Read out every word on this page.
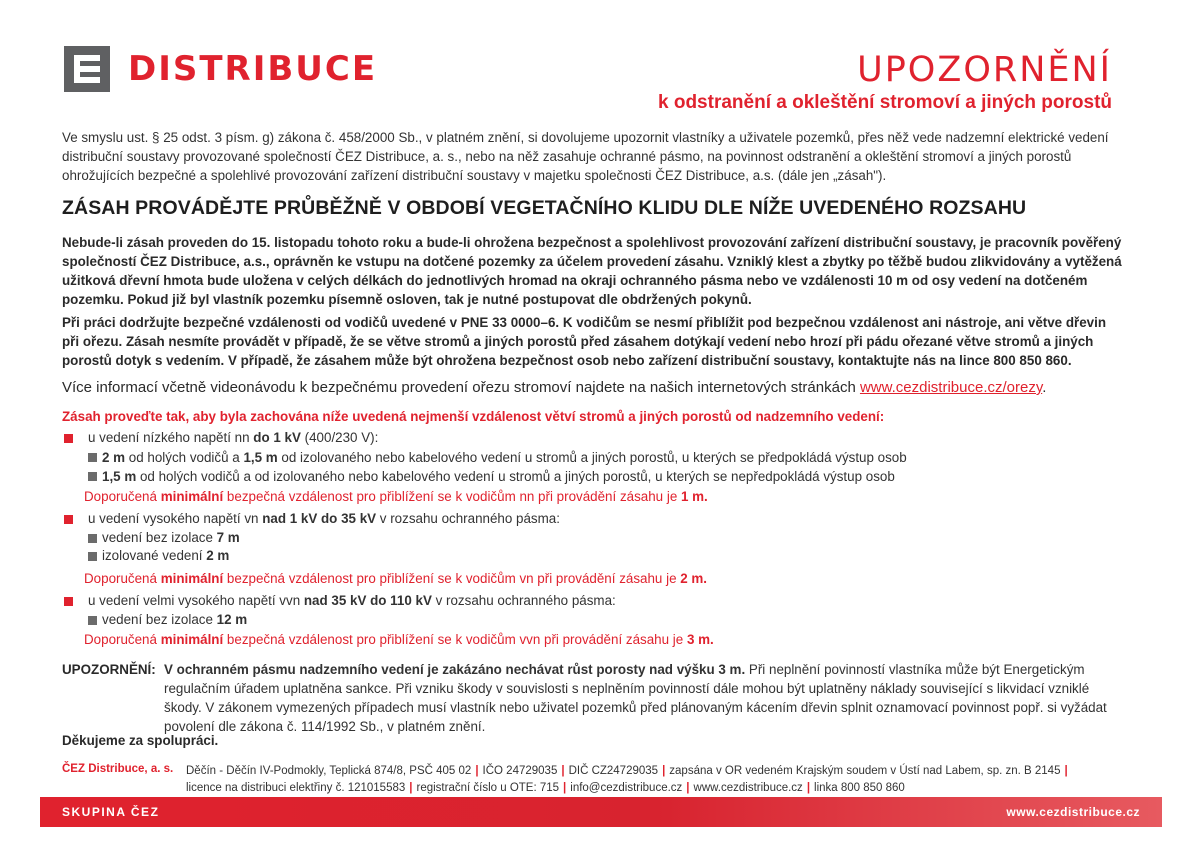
DISTRIBUCE	UPOZORNĚNÍ
k odstranění a okleštění stromoví a jiných porostů
Ve smyslu ust. § 25 odst. 3 písm. g) zákona č. 458/2000 Sb., v platném znění, si dovolujeme upozornit vlastníky a uživatele pozemků, přes něž vede nadzemní elektrické vedení distribuční soustavy provozované společností ČEZ Distribuce, a. s., nebo na něž zasahuje ochranné pásmo, na povinnost odstranění a okleštění stromoví a jiných porostů ohrožujících bezpečné a spolehlivé provozování zařízení distribuční soustavy v majetku společnosti ČEZ Distribuce, a.s. (dále jen „zásah").
ZÁSAH PROVÁDĚJTE PRŮBĚŽNĚ V OBDOBÍ VEGETAČNÍHO KLIDU DLE NÍŽE UVEDENÉHO ROZSAHU
Nebude-li zásah proveden do 15. listopadu tohoto roku a bude-li ohrožena bezpečnost a spolehlivost provozování zařízení distribuční soustavy, je pracovník pověřený společností ČEZ Distribuce, a.s., oprávněn ke vstupu na dotčené pozemky za účelem provedení zásahu. Vzniklý klest a zbytky po těžbě budou zlikvidovány a vytěžená užitková dřevní hmota bude uložena v celých délkách do jednotlivých hromad na okraji ochranného pásma nebo ve vzdálenosti 10 m od osy vedení na dotčeném pozemku. Pokud již byl vlastník pozemku písemně osloven, tak je nutné postupovat dle obdržených pokynů.
Při práci dodržujte bezpečné vzdálenosti od vodičů uvedené v PNE 33 0000–6. K vodičům se nesmí přiblížit pod bezpečnou vzdálenost ani nástroje, ani větve dřevin při ořezu. Zásah nesmíte provádět v případě, že se větve stromů a jiných porostů před zásahem dotýkají vedení nebo hrozí při pádu ořezané větve stromů a jiných porostů dotyk s vedením. V případě, že zásahem může být ohrožena bezpečnost osob nebo zařízení distribuční soustavy, kontaktujte nás na lince 800 850 860.
Více informací včetně videonávodu k bezpečnému provedení ořezu stromoví najdete na našich internetových stránkách www.cezdistribuce.cz/orezy.
Zásah proveďte tak, aby byla zachována níže uvedená nejmenší vzdálenost větví stromů a jiných porostů od nadzemního vedení:
u vedení nízkého napětí nn do 1 kV (400/230 V):
2 m od holých vodičů a 1,5 m od izolovaného nebo kabelového vedení u stromů a jiných porostů, u kterých se předpokládá výstup osob
1,5 m od holých vodičů a od izolovaného nebo kabelového vedení u stromů a jiných porostů, u kterých se nepředpokládá výstup osob
Doporučená minimální bezpečná vzdálenost pro přiblížení se k vodičům nn při provádění zásahu je 1 m.
u vedení vysokého napětí vn nad 1 kV do 35 kV v rozsahu ochranného pásma:
vedení bez izolace 7 m
izolované vedení 2 m
Doporučená minimální bezpečná vzdálenost pro přiblížení se k vodičům vn při provádění zásahu je 2 m.
u vedení velmi vysokého napětí vvn nad 35 kV do 110 kV v rozsahu ochranného pásma:
vedení bez izolace 12 m
Doporučená minimální bezpečná vzdálenost pro přiblížení se k vodičům vvn při provádění zásahu je 3 m.
UPOZORNĚNÍ: V ochranném pásmu nadzemního vedení je zakázáno nechávat růst porosty nad výšku 3 m. Při neplnění povinností vlastníka může být Energetickým regulačním úřadem uplatněna sankce. Při vzniku škody v souvislosti s neplněním povinností dále mohou být uplatněny náklady související s likvidací vzniklé škody. V zákonem vymezených případech musí vlastník nebo uživatel pozemků před plánovaným kácením dřevin splnit oznamovací povinnost popř. si vyžádat povolení dle zákona č. 114/1992 Sb., v platném znění.
Děkujeme za spolupráci.
ČEZ Distribuce, a. s. Děčín - Děčín IV-Podmokly, Teplická 874/8, PSČ 405 02 | IČO 24729035 | DIČ CZ24729035 | zapsána v OR vedeném Krajským soudem v Ústí nad Labem, sp. zn. B 2145 |
licence na distribuci elektřiny č. 121015583 | registrační číslo u OTE: 715 | info@cezdistribuce.cz | www.cezdistribuce.cz | linka 800 850 860
SKUPINA ČEZ	www.cezdistribuce.cz
